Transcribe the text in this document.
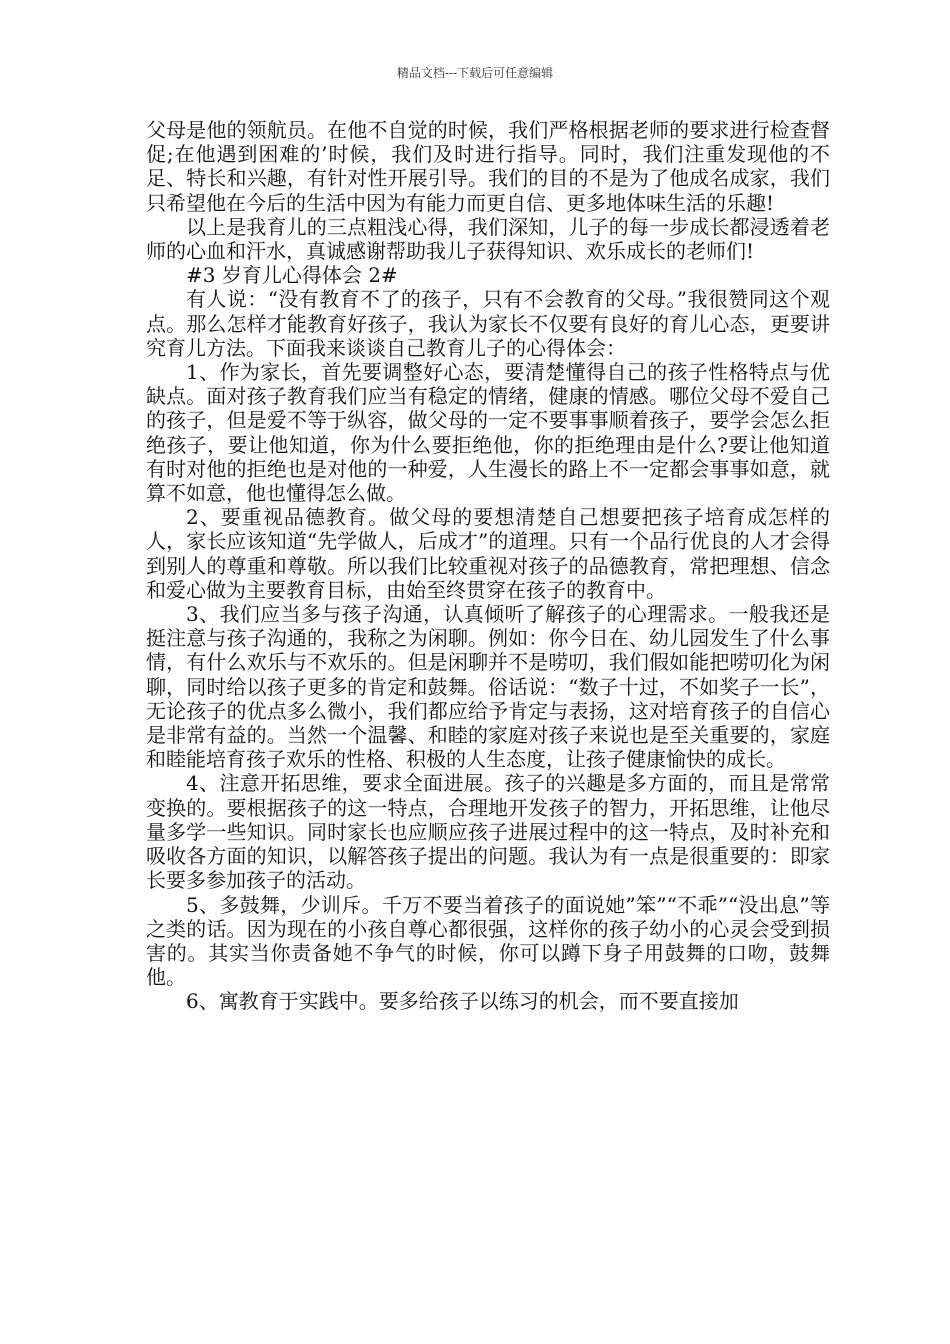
精品文档---下载后可任意编辑

父母是他的领航员。在他不自觉的时候，我们严格根据老师的要求进行检查督促;在他遇到困难的’时候，我们及时进行指导。同时，我们注重发现他的不足、特长和兴趣，有针对性开展引导。我们的目的不是为了他成名成家，我们只希望他在今后的生活中因为有能力而更自信、更多地体味生活的乐趣!

以上是我育儿的三点粗浅心得，我们深知，儿子的每一步成长都浸透着老师的心血和汗水，真诚感谢帮助我儿子获得知识、欢乐成长的老师们!

#3 岁育儿心得体会 2#

有人说：“没有教育不了的孩子，只有不会教育的父母。”我很赞同这个观点。那么怎样才能教育好孩子，我认为家长不仅要有良好的育儿心态，更要讲究育儿方法。下面我来谈谈自己教育儿子的心得体会：

1、作为家长，首先要调整好心态，要清楚懂得自己的孩子性格特点与优缺点。面对孩子教育我们应当有稳定的情绪，健康的情感。哪位父母不爱自己的孩子，但是爱不等于纵容，做父母的一定不要事事顺着孩子，要学会怎么拒绝孩子，要让他知道，你为什么要拒绝他，你的拒绝理由是什么?要让他知道有时对他的拒绝也是对他的一种爱，人生漫长的路上不一定都会事事如意，就算不如意，他也懂得怎么做。

2、要重视品德教育。做父母的要想清楚自己想要把孩子培育成怎样的人，家长应该知道“先学做人，后成才”的道理。只有一个品行优良的人才会得到别人的尊重和尊敬。所以我们比较重视对孩子的品德教育，常把理想、信念和爱心做为主要教育目标，由始至终贯穿在孩子的教育中。

3、我们应当多与孩子沟通，认真倾听了解孩子的心理需求。一般我还是挺注意与孩子沟通的，我称之为闲聊。例如：你今日在、幼儿园发生了什么事情，有什么欢乐与不欢乐的。但是闲聊并不是唠叨，我们假如能把唠叨化为闲聊，同时给以孩子更多的肯定和鼓舞。俗话说：“数子十过，不如奖子一长”，无论孩子的优点多么微小，我们都应给予肯定与表扬，这对培育孩子的自信心是非常有益的。当然一个温馨、和睦的家庭对孩子来说也是至关重要的，家庭和睦能培育孩子欢乐的性格、积极的人生态度，让孩子健康愉快的成长。

4、注意开拓思维，要求全面进展。孩子的兴趣是多方面的，而且是常常变换的。要根据孩子的这一特点，合理地开发孩子的智力，开拓思维，让他尽量多学一些知识。同时家长也应顺应孩子进展过程中的这一特点，及时补充和吸收各方面的知识，以解答孩子提出的问题。我认为有一点是很重要的：即家长要多参加孩子的活动。

5、多鼓舞，少训斥。千万不要当着孩子的面说她”笨”“不乖”“没出息”等之类的话。因为现在的小孩自尊心都很强，这样你的孩子幼小的心灵会受到损害的。其实当你责备她不争气的时候，你可以蹲下身子用鼓舞的口吻，鼓舞他。

6、寓教育于实践中。要多给孩子以练习的机会，而不要直接加
